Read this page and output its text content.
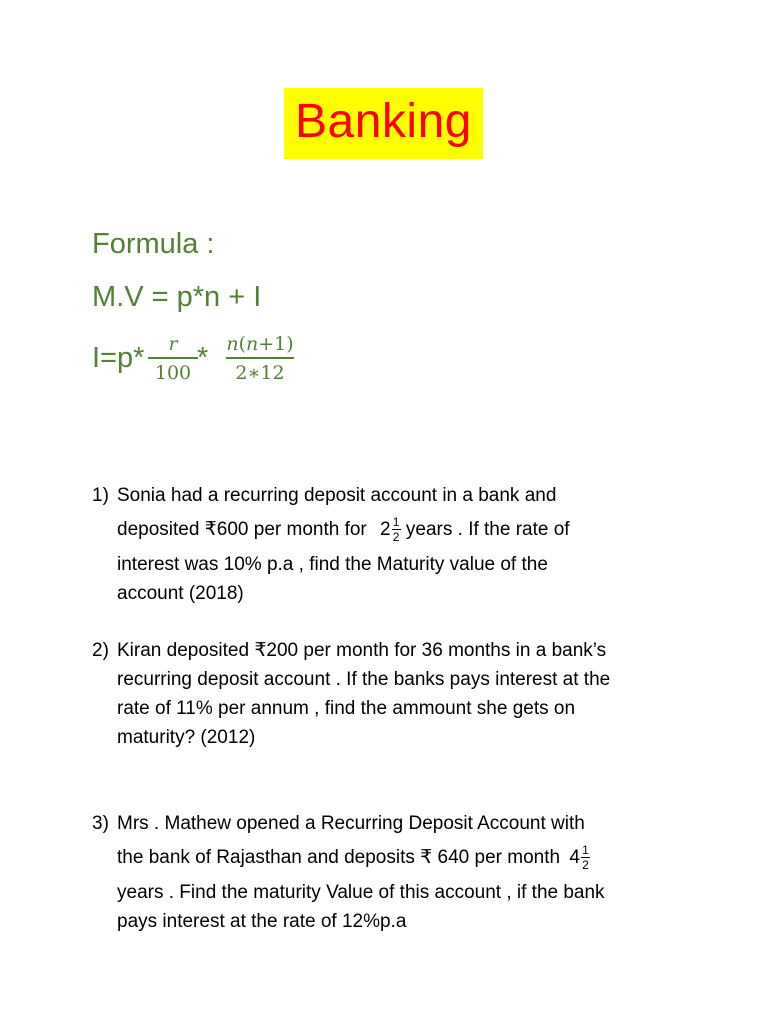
Banking
Formula :
M.V = p*n + I
I=p*	r
100 * n(n+1)
2∗12
1) Sonia had a recurring deposit account in a bank and
deposited ₹600 per month for $2 \frac{1}{2}$ years . If the rate of
interest was 10% p.a , find the Maturity value of the
account (2018)
2) Kiran deposited ₹200 per month for 36 months in a bank’s
recurring deposit account . If the banks pays interest at the
rate of 11% per annum , find the ammount she gets on
maturity? (2012)
3) Mrs . Mathew opened a Recurring Deposit Account with
the bank of Rajasthan and deposits ₹ 640 per month $4 \frac{1}{2}$
years . Find the maturity Value of this account , if the bank
pays interest at the rate of 12%p.a
